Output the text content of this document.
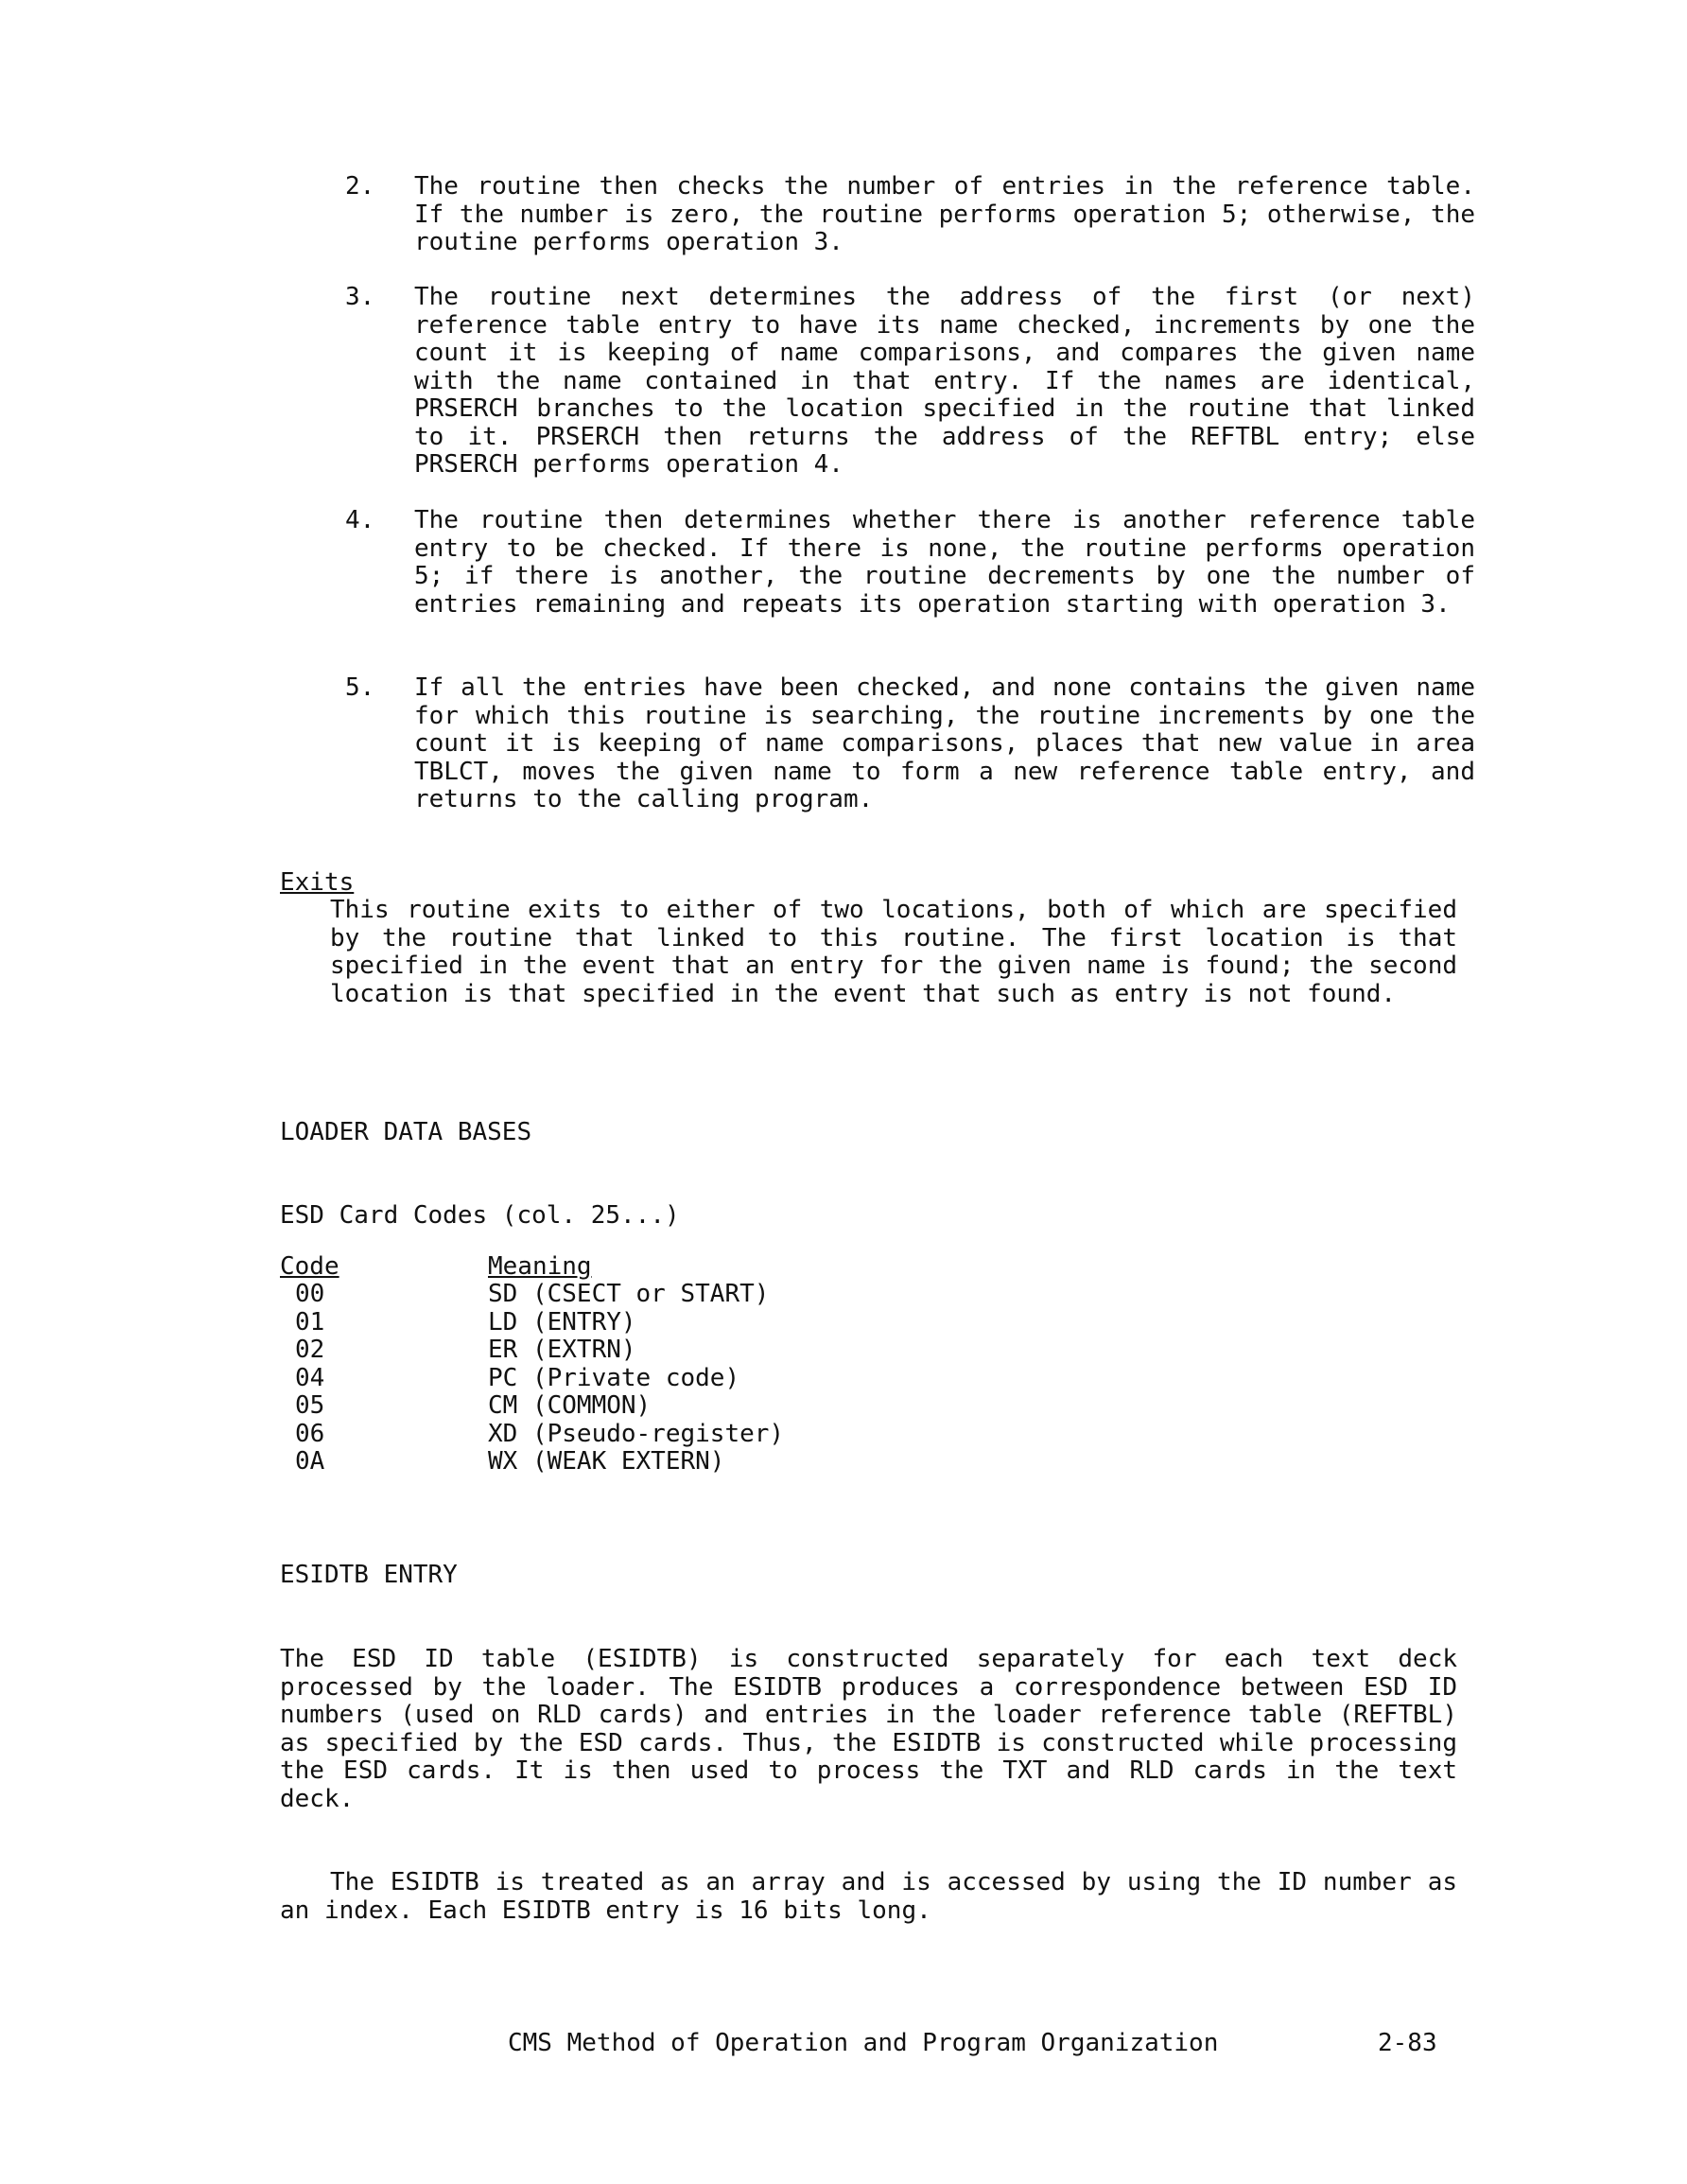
2.	The routine then checks the number of entries in the reference table. If the number is zero, the routine performs operation 5; otherwise, the routine performs operation 3.
3.	The routine next determines the address of the first (or next) reference table entry to have its name checked, increments by one the count it is keeping of name comparisons, and compares the given name with the name contained in that entry. If the names are identical, PRSERCH branches to the location specified in the routine that linked to it. PRSERCH then returns the address of the REFTBL entry; else PRSERCH performs operation 4.
4.	The routine then determines whether there is another reference table entry to be checked. If there is none, the routine performs operation 5; if there is another, the routine decrements by one the number of entries remaining and repeats its operation starting with operation 3.
5.	If all the entries have been checked, and none contains the given name for which this routine is searching, the routine increments by one the count it is keeping of name comparisons, places that new value in area TBLCT, moves the given name to form a new reference table entry, and returns to the calling program.
Exits
This routine exits to either of two locations, both of which are specified by the routine that linked to this routine. The first location is that specified in the event that an entry for the given name is found; the second location is that specified in the event that such as entry is not found.
LOADER DATA BASES
ESD Card Codes (col. 25...)
Code	Meaning
00	SD (CSECT or START)
01	LD (ENTRY)
02	ER (EXTRN)
04	PC (Private code)
05	CM (COMMON)
06	XD (Pseudo-register)
0A	WX (WEAK EXTERN)
ESIDTB ENTRY
The ESD ID table (ESIDTB) is constructed separately for each text deck processed by the loader. The ESIDTB produces a correspondence between ESD ID numbers (used on RLD cards) and entries in the loader reference table (REFTBL) as specified by the ESD cards. Thus, the ESIDTB is constructed while processing the ESD cards. It is then used to process the TXT and RLD cards in the text deck.
The ESIDTB is treated as an array and is accessed by using the ID number as an index. Each ESIDTB entry is 16 bits long.
CMS Method of Operation and Program Organization	2-83
